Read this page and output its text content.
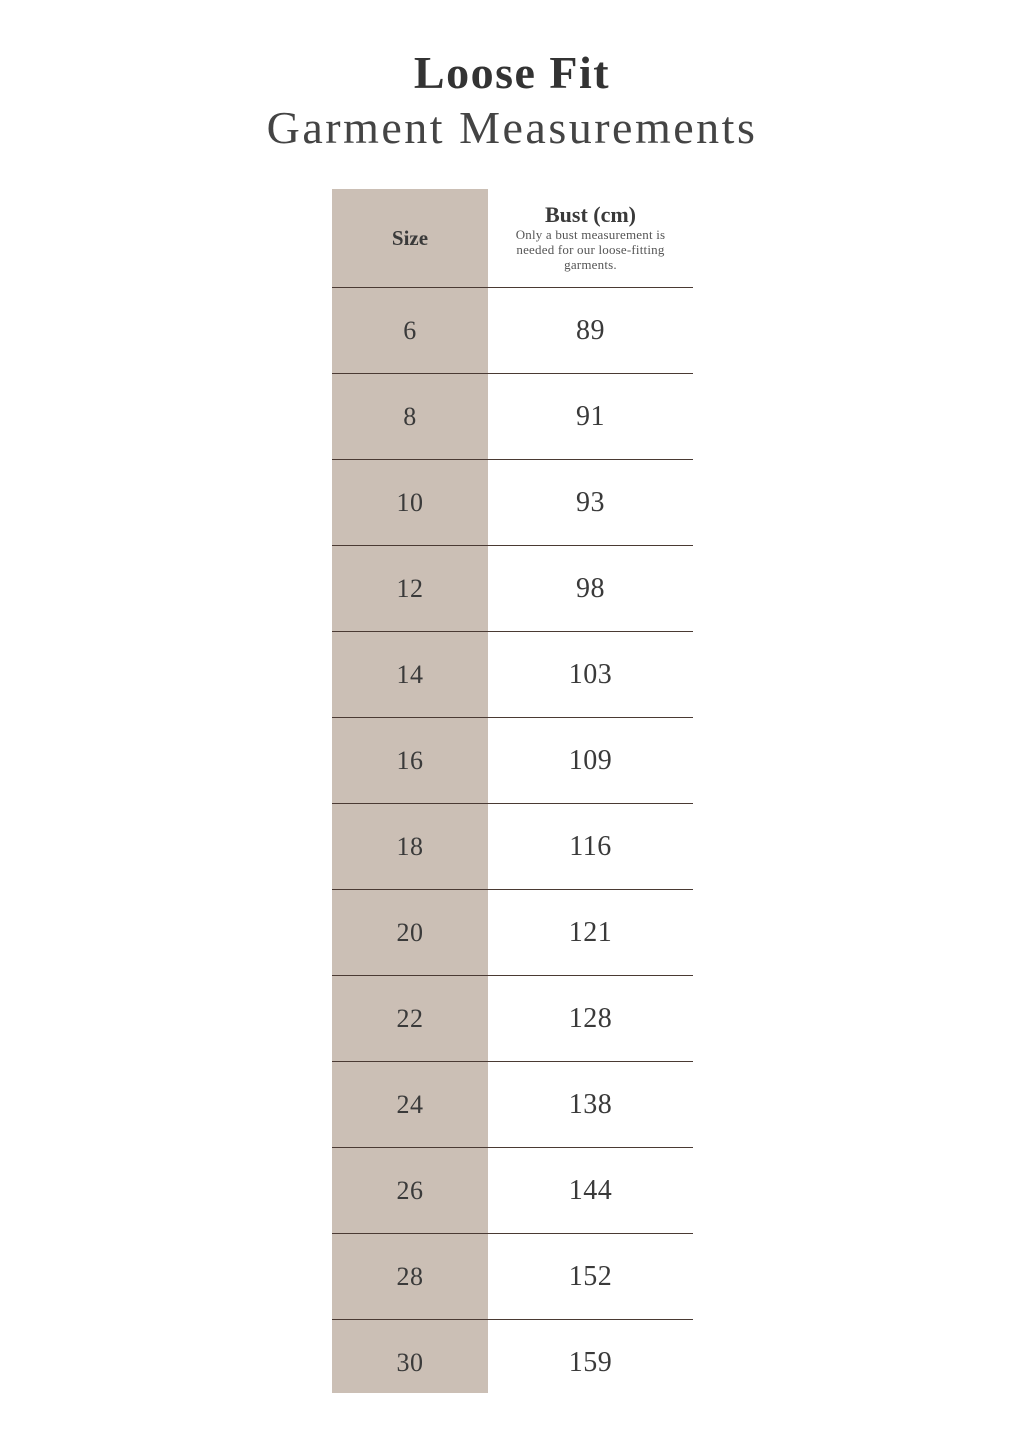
Loose Fit
Garment Measurements
Size
Bust (cm)
Only a bust measurement is needed for our loose-fitting garments.
6	89
8	91
10	93
12	98
14	103
16	109
18	116
20	121
22	128
24	138
26	144
28	152
30	159
